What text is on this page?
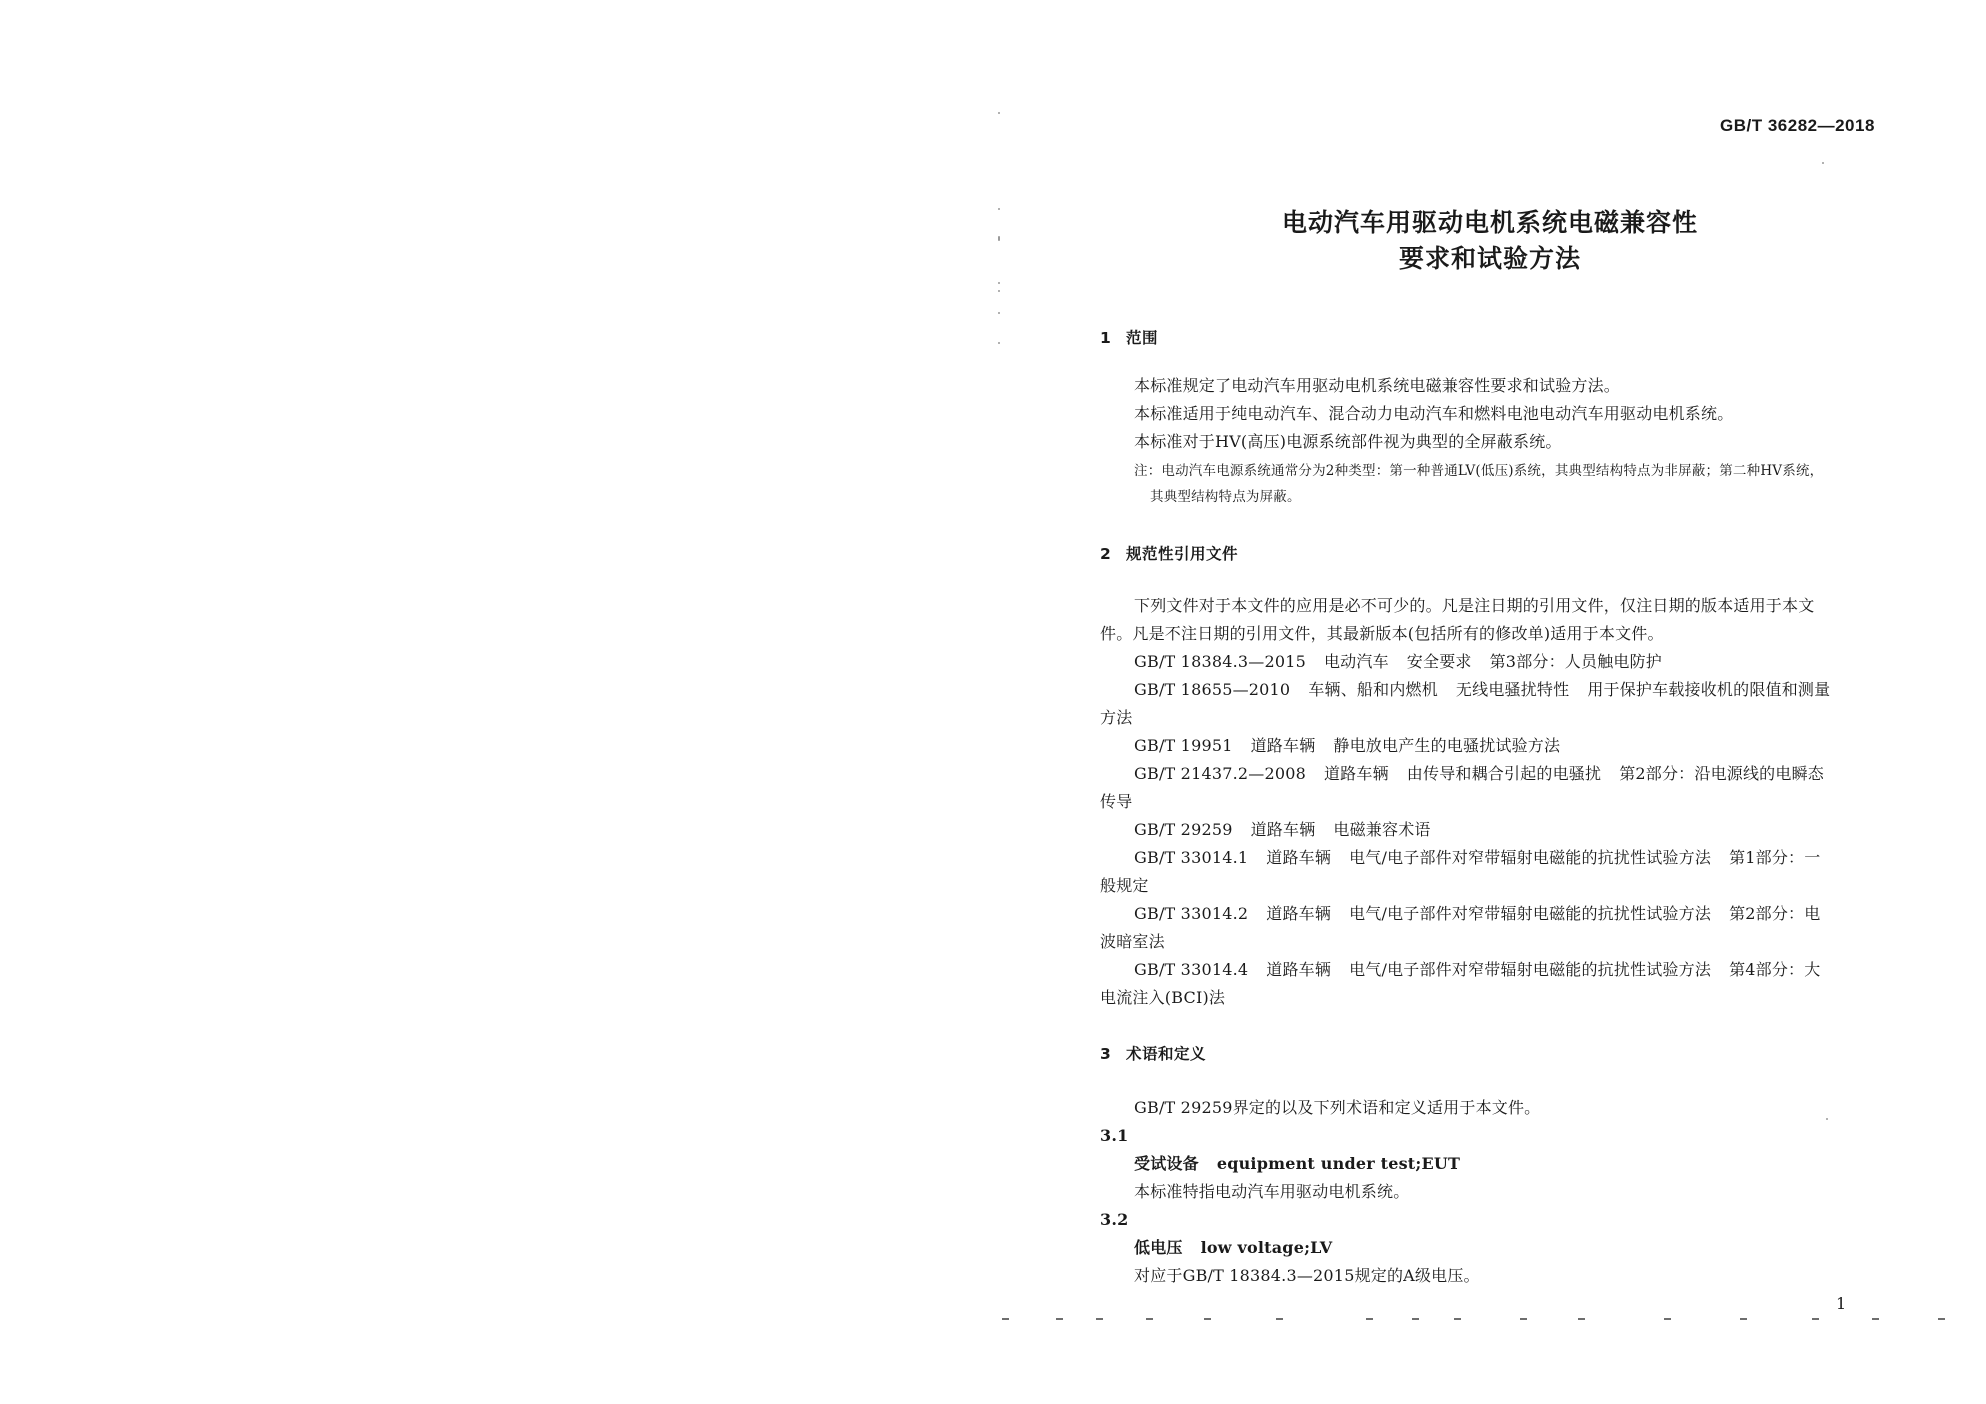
GB/T 36282—2018
电动汽车用驱动电机系统电磁兼容性
要求和试验方法
1 范围
本标准规定了电动汽车用驱动电机系统电磁兼容性要求和试验方法。
本标准适用于纯电动汽车、混合动力电动汽车和燃料电池电动汽车用驱动电机系统。
本标准对于HV(高压)电源系统部件视为典型的全屏蔽系统。
注：电动汽车电源系统通常分为2种类型：第一种普通LV(低压)系统，其典型结构特点为非屏蔽；第二种HV系统，
其典型结构特点为屏蔽。
2 规范性引用文件
下列文件对于本文件的应用是必不可少的。凡是注日期的引用文件，仅注日期的版本适用于本文
件。凡是不注日期的引用文件，其最新版本(包括所有的修改单)适用于本文件。
GB/T 18384.3—2015 电动汽车 安全要求 第3部分：人员触电防护
GB/T 18655—2010 车辆、船和内燃机 无线电骚扰特性 用于保护车载接收机的限值和测量
方法
GB/T 19951 道路车辆 静电放电产生的电骚扰试验方法
GB/T 21437.2—2008 道路车辆 由传导和耦合引起的电骚扰 第2部分：沿电源线的电瞬态
传导
GB/T 29259 道路车辆 电磁兼容术语
GB/T 33014.1 道路车辆 电气/电子部件对窄带辐射电磁能的抗扰性试验方法 第1部分：一
般规定
GB/T 33014.2 道路车辆 电气/电子部件对窄带辐射电磁能的抗扰性试验方法 第2部分：电
波暗室法
GB/T 33014.4 道路车辆 电气/电子部件对窄带辐射电磁能的抗扰性试验方法 第4部分：大
电流注入(BCI)法
3 术语和定义
GB/T 29259界定的以及下列术语和定义适用于本文件。
3.1
受试设备 equipment under test;EUT
本标准特指电动汽车用驱动电机系统。
3.2
低电压 low voltage;LV
对应于GB/T 18384.3—2015规定的A级电压。
1
